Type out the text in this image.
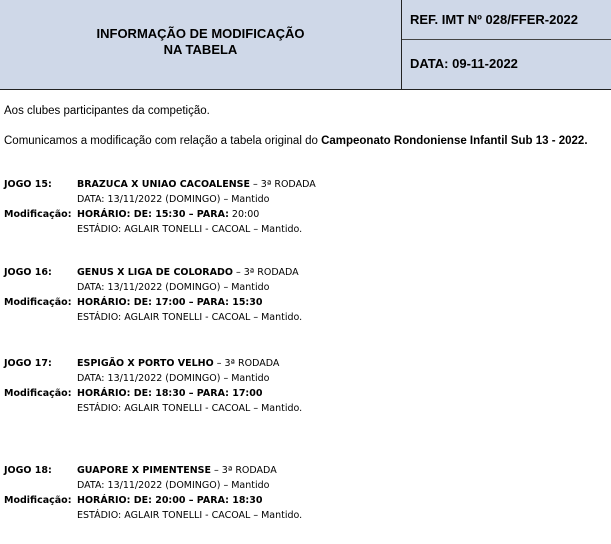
INFORMAÇÃO DE MODIFICAÇÃO
NA TABELA
REF. IMT Nº 028/FFER-2022
DATA: 09-11-2022
Aos clubes participantes da competição.
Comunicamos a modificação com relação a tabela original do Campeonato Rondoniense Infantil Sub 13 - 2022.
JOGO 15:	BRAZUCA X UNIAO CACOALENSE – 3ª RODADA
DATA: 13/11/2022 (DOMINGO) – Mantido
Modificação: HORÁRIO: DE: 15:30 – PARA: 20:00
ESTÁDIO: AGLAIR TONELLI - CACOAL – Mantido.
JOGO 16:	GENUS X LIGA DE COLORADO – 3ª RODADA
DATA: 13/11/2022 (DOMINGO) – Mantido
Modificação: HORÁRIO: DE: 17:00 – PARA: 15:30
ESTÁDIO: AGLAIR TONELLI - CACOAL – Mantido.
JOGO 17:	ESPIGÃO X PORTO VELHO – 3ª RODADA
DATA: 13/11/2022 (DOMINGO) – Mantido
Modificação: HORÁRIO: DE: 18:30 – PARA: 17:00
ESTÁDIO: AGLAIR TONELLI - CACOAL – Mantido.
JOGO 18:	GUAPORE X PIMENTENSE – 3ª RODADA
DATA: 13/11/2022 (DOMINGO) – Mantido
Modificação: HORÁRIO: DE: 20:00 – PARA: 18:30
ESTÁDIO: AGLAIR TONELLI - CACOAL – Mantido.
